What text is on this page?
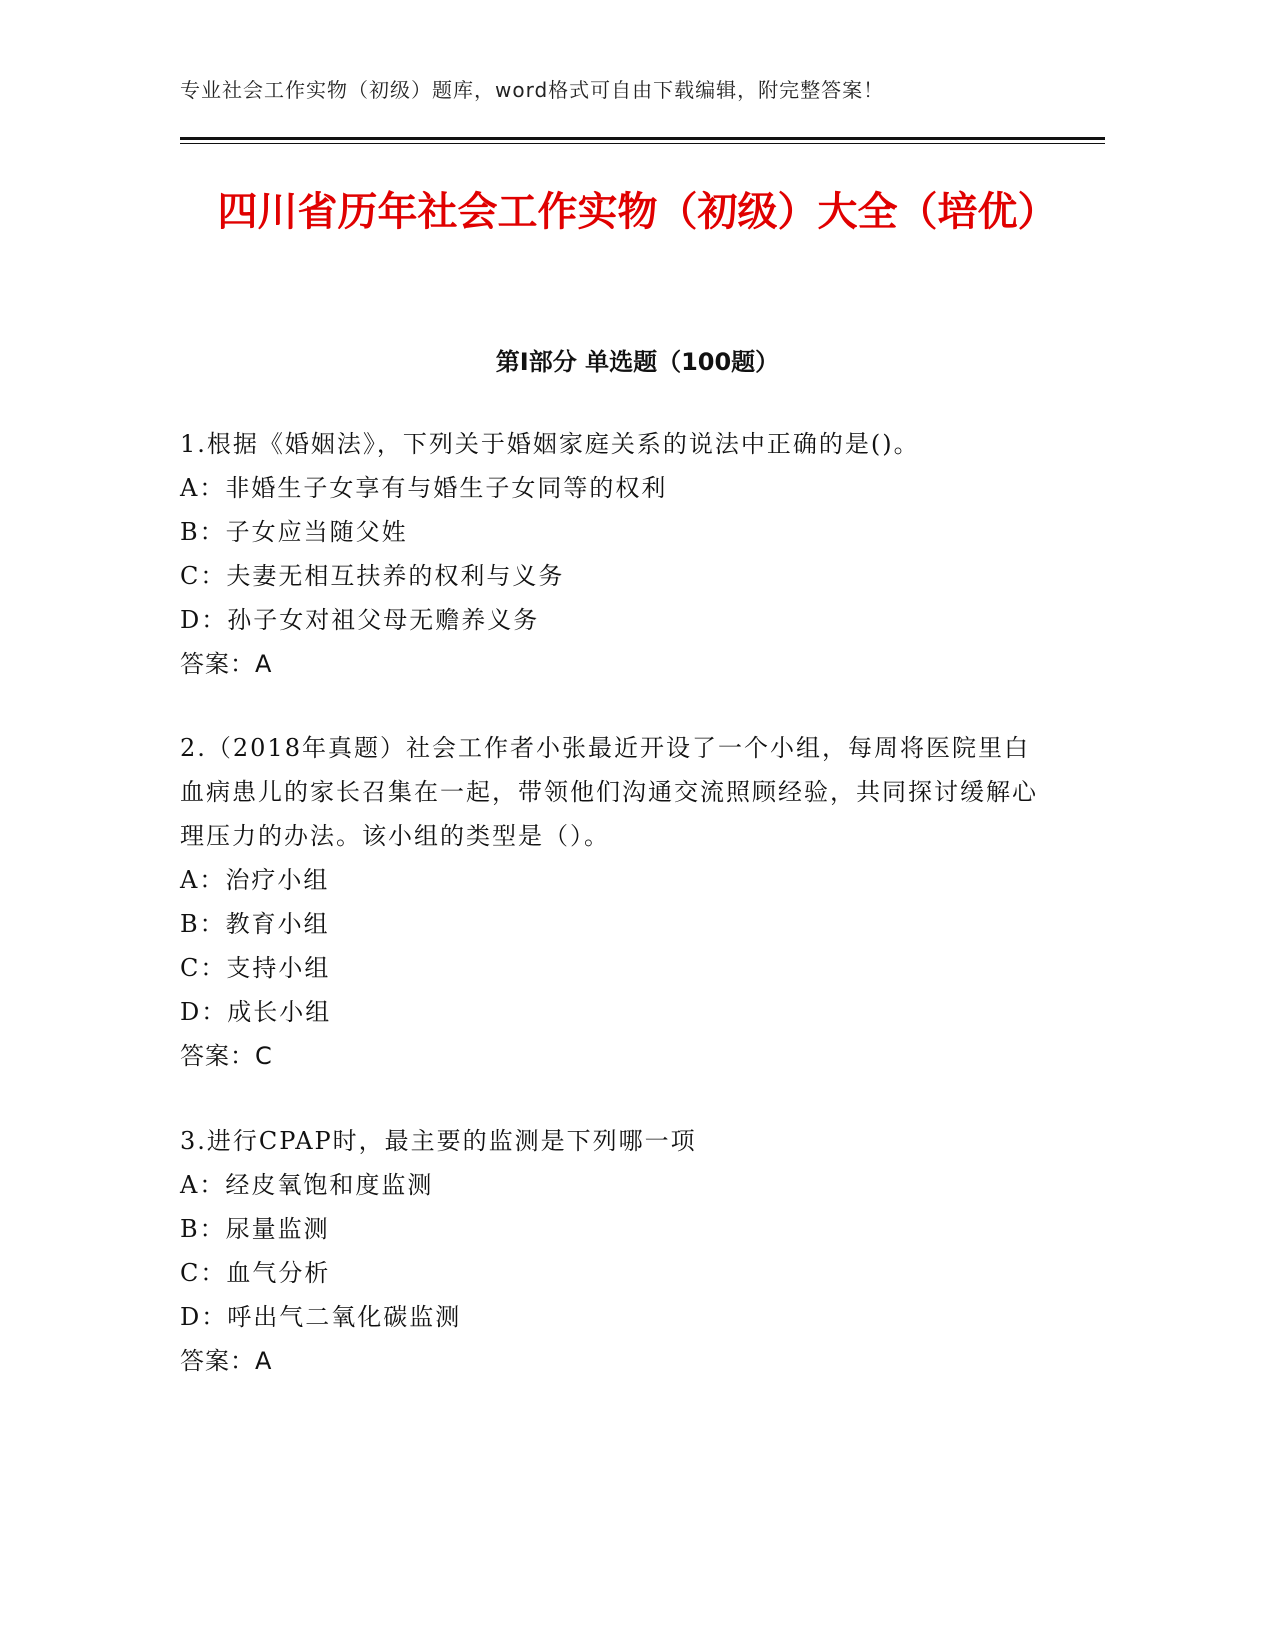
专业社会工作实物（初级）题库，word格式可自由下载编辑，附完整答案！
四川省历年社会工作实物（初级）大全（培优）
第Ⅰ部分 单选题（100题）

1.根据《婚姻法》，下列关于婚姻家庭关系的说法中正确的是()。

A：非婚生子女享有与婚生子女同等的权利

B：子女应当随父姓

C：夫妻无相互扶养的权利与义务

D：孙子女对祖父母无赡养义务

答案：A

2.（2018年真题）社会工作者小张最近开设了一个小组，每周将医院里白血病患儿的家长召集在一起，带领他们沟通交流照顾经验，共同探讨缓解心理压力的办法。该小组的类型是（）。

A：治疗小组

B：教育小组

C：支持小组

D：成长小组

答案：C

3.进行CPAP时，最主要的监测是下列哪一项

A：经皮氧饱和度监测

B：尿量监测

C：血气分析

D：呼出气二氧化碳监测

答案：A
